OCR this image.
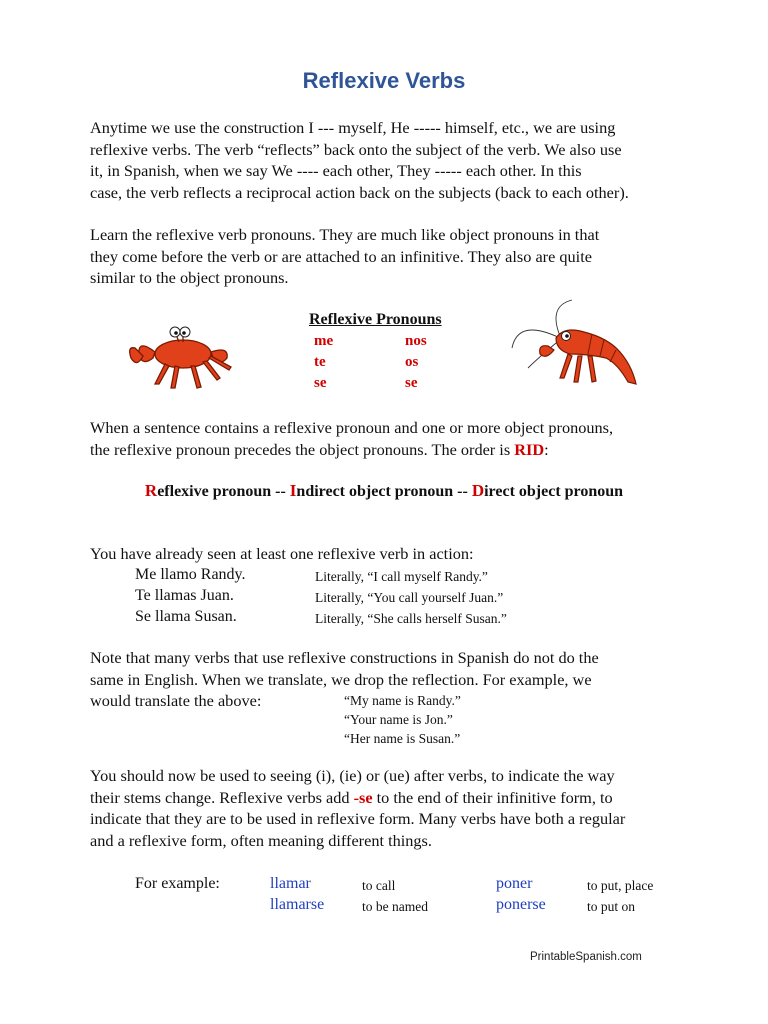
Reflexive Verbs
Anytime we use the construction I --- myself, He ----- himself, etc., we are using
reflexive verbs. The verb “reflects” back onto the subject of the verb. We also use
it, in Spanish, when we say We ---- each other, They ----- each other. In this
case, the verb reflects a reciprocal action back on the subjects (back to each other).
Learn the reflexive verb pronouns. They are much like object pronouns in that
they come before the verb or are attached to an infinitive. They also are quite
similar to the object pronouns.
Reflexive Pronouns
me	nos
te	os
se	se
When a sentence contains a reflexive pronoun and one or more object pronouns,
the reflexive pronoun precedes the object pronouns. The order is RID:
Reflexive pronoun -- Indirect object pronoun -- Direct object pronoun
You have already seen at least one reflexive verb in action:
Me llamo Randy.	Literally, “I call myself Randy.”
Te llamas Juan.	Literally, “You call yourself Juan.”
Se llama Susan.	Literally, “She calls herself Susan.”
Note that many verbs that use reflexive constructions in Spanish do not do the
same in English. When we translate, we drop the reflection. For example, we
would translate the above:	“My name is Randy.”
“Your name is Jon.”
“Her name is Susan.”
You should now be used to seeing (i), (ie) or (ue) after verbs, to indicate the way
their stems change. Reflexive verbs add -se to the end of their infinitive form, to
indicate that they are to be used in reflexive form. Many verbs have both a regular
and a reflexive form, often meaning different things.
For example:	llamar	to call	poner	to put, place
llamarse	to be named	ponerse	to put on
PrintableSpanish.com
